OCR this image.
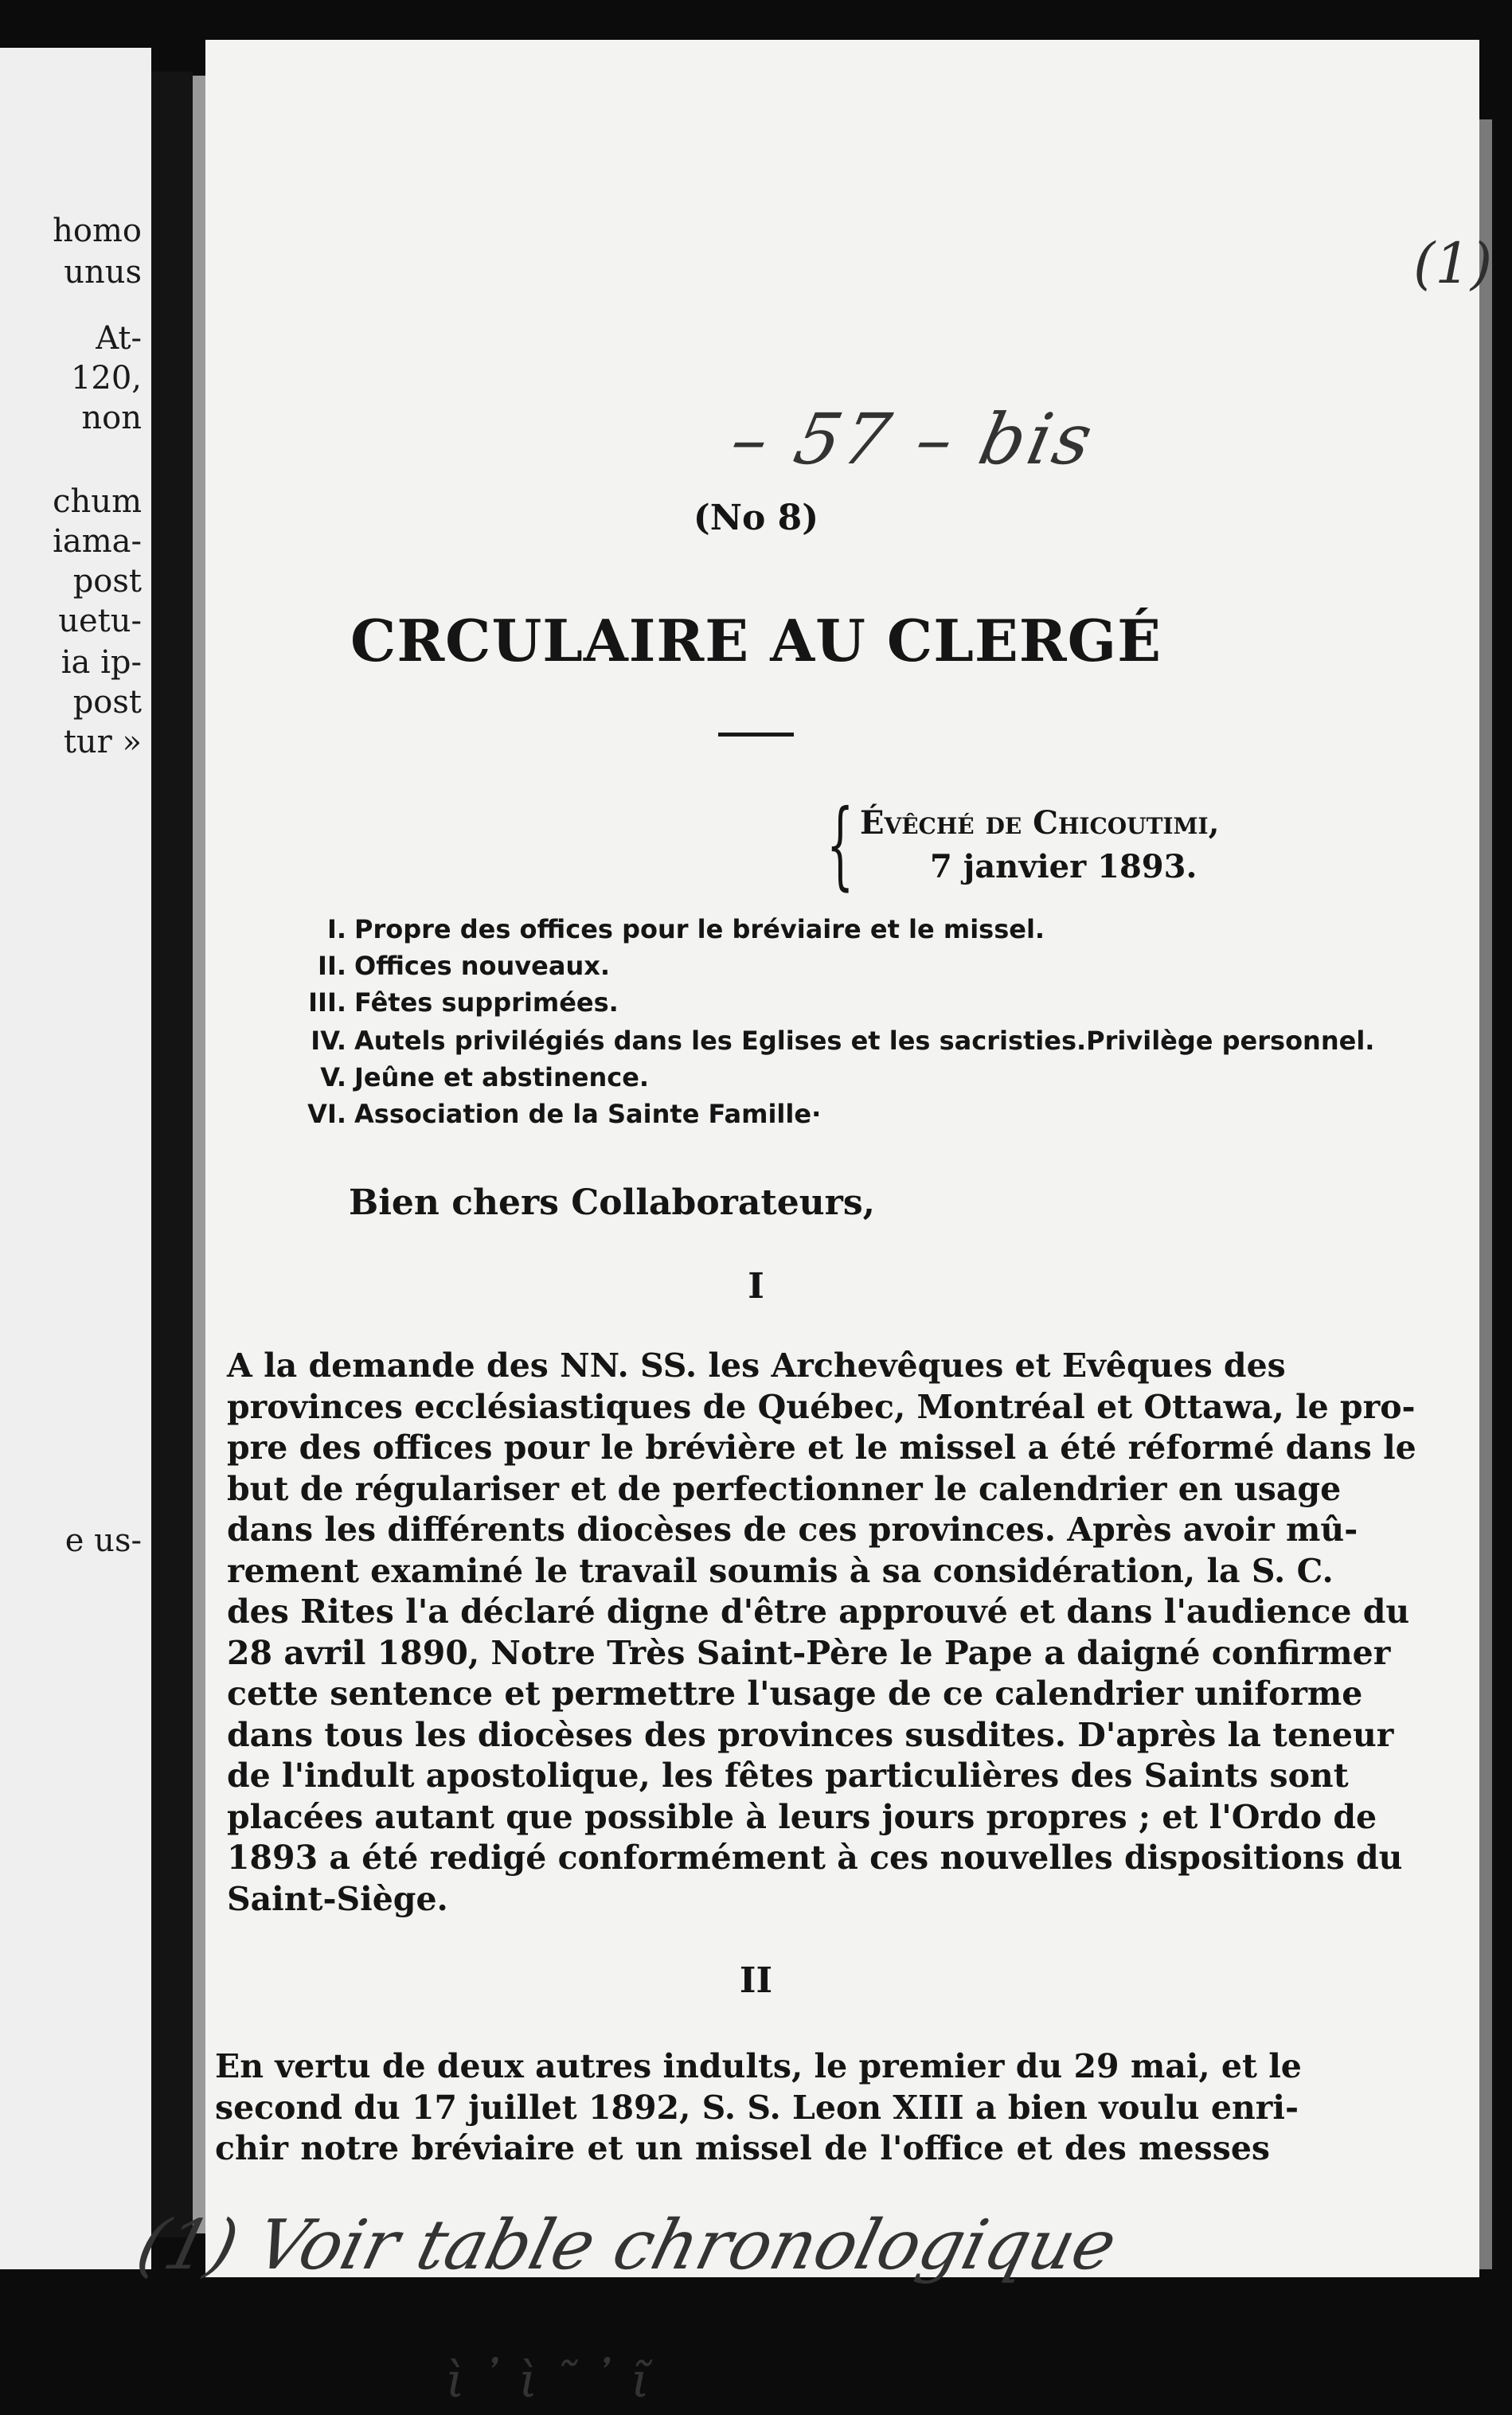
homo
unus
At-
120,
non
chum
iama-
post
uetu-
ia ip-
post
tur »
e us-
– 57 – bis
(1)
(No 8)
CRCULAIRE AU CLERGÉ
{ Évêché de Chicoutimi,
7 janvier 1893.
I. Propre des offices pour le bréviaire et le missel.
II. Offices nouveaux.
III. Fêtes supprimées.
IV. Autels privilégiés dans les Eglises et les sacristies.Privilège personnel.
V. Jeûne et abstinence.
VI. Association de la Sainte Famille·
Bien chers Collaborateurs,
I
A la demande des NN. SS. les Archevêques et Evêques des
provinces ecclésiastiques de Québec, Montréal et Ottawa, le pro-
pre des offices pour le brévière et le missel a été réformé dans le
but de régulariser et de perfectionner le calendrier en usage
dans les différents diocèses de ces provinces. Après avoir mû-
rement examiné le travail soumis à sa considération, la S. C.
des Rites l'a déclaré digne d'être approuvé et dans l'audience du
28 avril 1890, Notre Très Saint-Père le Pape a daigné confirmer
cette sentence et permettre l'usage de ce calendrier uniforme
dans tous les diocèses des provinces susdites. D'après la teneur
de l'indult apostolique, les fêtes particulières des Saints sont
placées autant que possible à leurs jours propres ; et l'Ordo de
1893 a été redigé conformément à ces nouvelles dispositions du
Saint-Siège.
II
En vertu de deux autres indults, le premier du 29 mai, et le
second du 17 juillet 1892, S. S. Leon XIII a bien voulu enri-
chir notre bréviaire et un missel de l'office et des messes
(1) Voir table chronologique
ὶ ᾽ ὶ ˜ ᾽ ῖ
